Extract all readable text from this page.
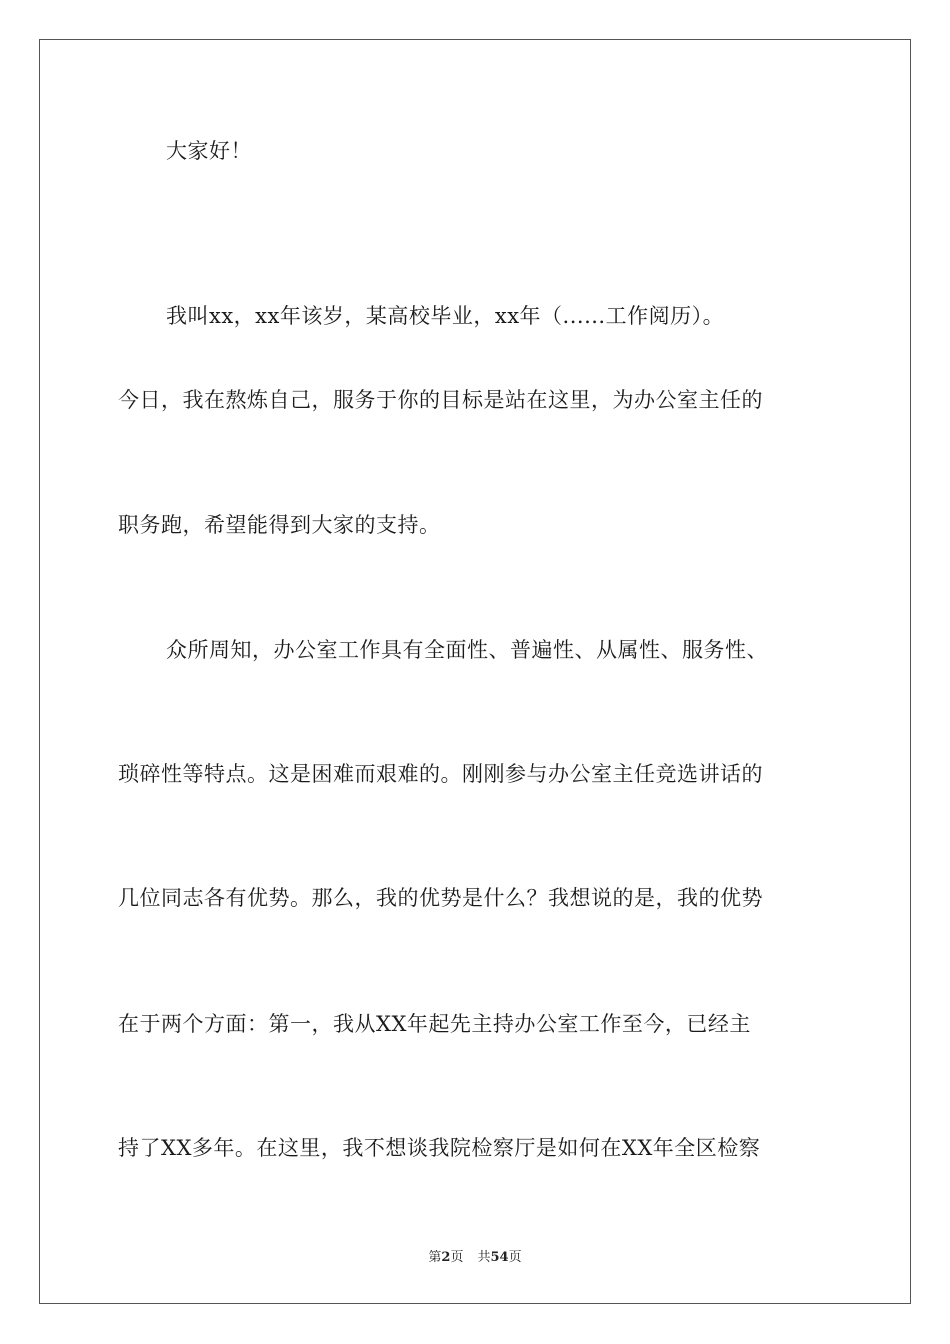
大家好！
我叫xx，xx年该岁，某高校毕业，xx年（......工作阅历）。
今日，我在熬炼自己，服务于你的目标是站在这里，为办公室主任的
职务跑，希望能得到大家的支持。
众所周知，办公室工作具有全面性、普遍性、从属性、服务性、
琐碎性等特点。这是困难而艰难的。刚刚参与办公室主任竞选讲话的
几位同志各有优势。那么，我的优势是什么？我想说的是，我的优势
在于两个方面：第一，我从XX年起先主持办公室工作至今，已经主
持了XX多年。在这里，我不想谈我院检察厅是如何在XX年全区检察
第2页 共54页
